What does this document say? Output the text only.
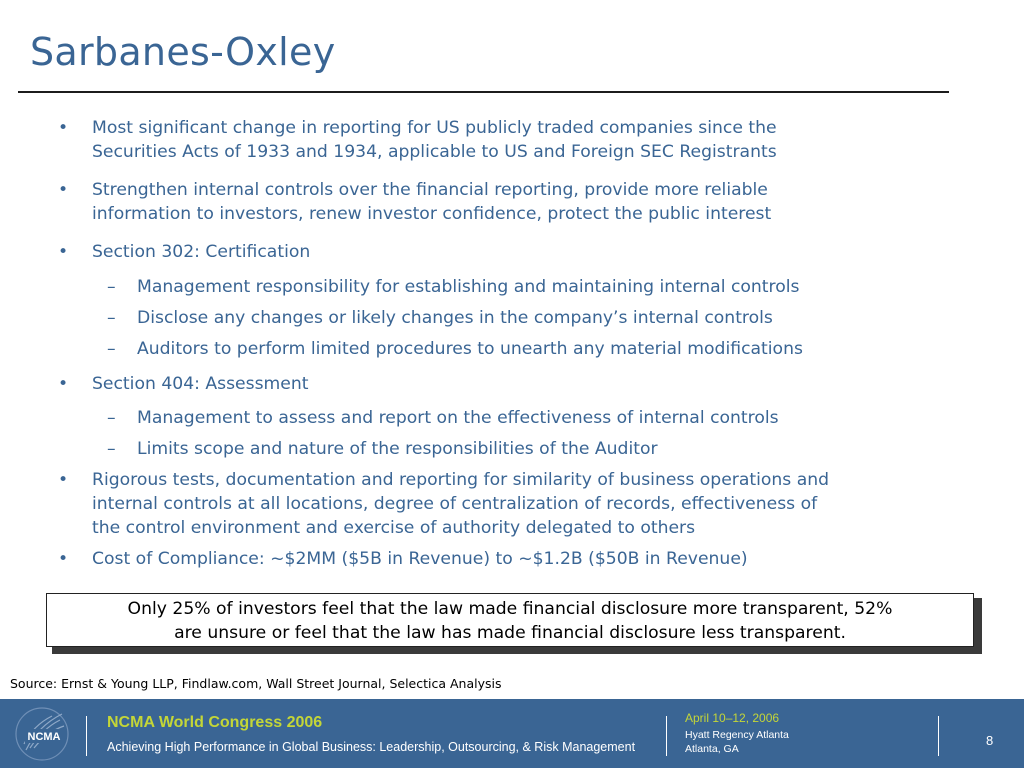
Sarbanes-Oxley
• Most significant change in reporting for US publicly traded companies since the
Securities Acts of 1933 and 1934, applicable to US and Foreign SEC Registrants
• Strengthen internal controls over the financial reporting, provide more reliable
information to investors, renew investor confidence, protect the public interest
• Section 302: Certification
– Management responsibility for establishing and maintaining internal controls
– Disclose any changes or likely changes in the company’s internal controls
– Auditors to perform limited procedures to unearth any material modifications
• Section 404: Assessment
– Management to assess and report on the effectiveness of internal controls
– Limits scope and nature of the responsibilities of the Auditor
• Rigorous tests, documentation and reporting for similarity of business operations and
internal controls at all locations, degree of centralization of records, effectiveness of
the control environment and exercise of authority delegated to others
• Cost of Compliance: ~$2MM ($5B in Revenue) to ~$1.2B ($50B in Revenue)
Only 25% of investors feel that the law made financial disclosure more transparent, 52%
are unsure or feel that the law has made financial disclosure less transparent.
Source: Ernst & Young LLP, Findlaw.com, Wall Street Journal, Selectica Analysis
NCMA
NCMA World Congress 2006
Achieving High Performance in Global Business: Leadership, Outsourcing, & Risk Management
April 10–12, 2006
Hyatt Regency Atlanta
Atlanta, GA
8
